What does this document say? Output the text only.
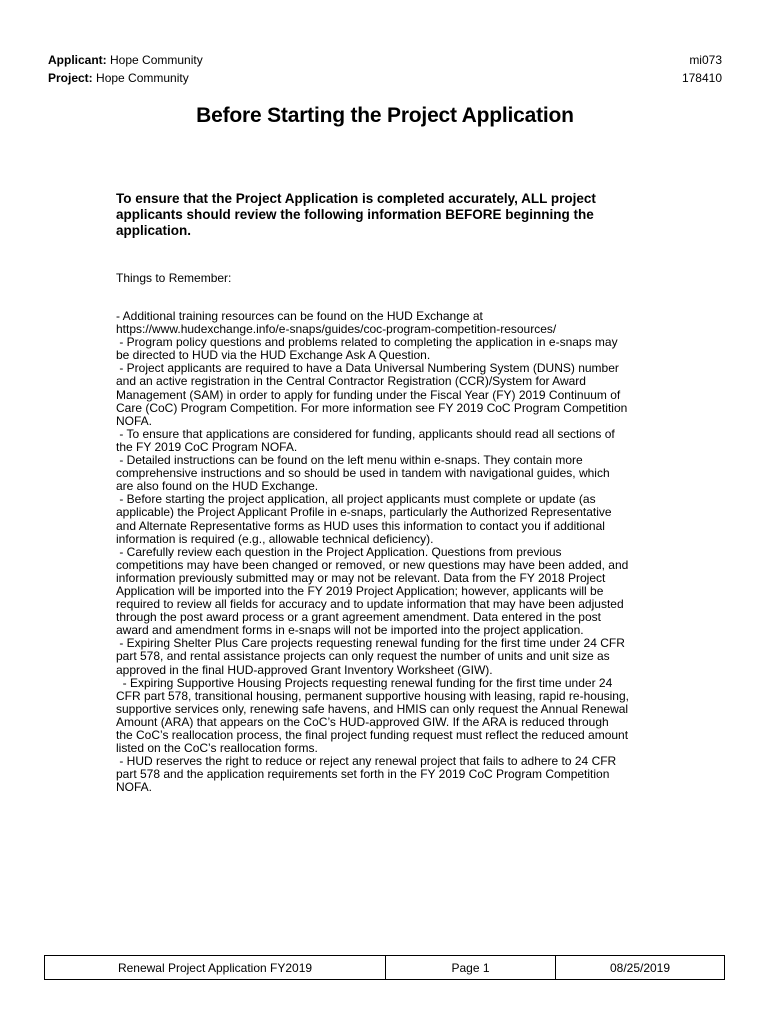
Applicant: Hope Community
Project: Hope Community
mi073
178410
Before Starting the Project Application
To ensure that the Project Application is completed accurately, ALL project applicants should review the following information BEFORE beginning the application.
Things to Remember:
- Additional training resources can be found on the HUD Exchange at
https://www.hudexchange.info/e-snaps/guides/coc-program-competition-resources/
- Program policy questions and problems related to completing the application in e-snaps may
be directed to HUD via the HUD Exchange Ask A Question.
- Project applicants are required to have a Data Universal Numbering System (DUNS) number
and an active registration in the Central Contractor Registration (CCR)/System for Award
Management (SAM) in order to apply for funding under the Fiscal Year (FY) 2019 Continuum of
Care (CoC) Program Competition. For more information see FY 2019 CoC Program Competition
NOFA.
- To ensure that applications are considered for funding, applicants should read all sections of
the FY 2019 CoC Program NOFA.
- Detailed instructions can be found on the left menu within e-snaps. They contain more
comprehensive instructions and so should be used in tandem with navigational guides, which
are also found on the HUD Exchange.
- Before starting the project application, all project applicants must complete or update (as
applicable) the Project Applicant Profile in e-snaps, particularly the Authorized Representative
and Alternate Representative forms as HUD uses this information to contact you if additional
information is required (e.g., allowable technical deficiency).
- Carefully review each question in the Project Application. Questions from previous
competitions may have been changed or removed, or new questions may have been added, and
information previously submitted may or may not be relevant. Data from the FY 2018 Project
Application will be imported into the FY 2019 Project Application; however, applicants will be
required to review all fields for accuracy and to update information that may have been adjusted
through the post award process or a grant agreement amendment. Data entered in the post
award and amendment forms in e-snaps will not be imported into the project application.
- Expiring Shelter Plus Care projects requesting renewal funding for the first time under 24 CFR
part 578, and rental assistance projects can only request the number of units and unit size as
approved in the final HUD-approved Grant Inventory Worksheet (GIW).
- Expiring Supportive Housing Projects requesting renewal funding for the first time under 24
CFR part 578, transitional housing, permanent supportive housing with leasing, rapid re-housing,
supportive services only, renewing safe havens, and HMIS can only request the Annual Renewal
Amount (ARA) that appears on the CoC’s HUD-approved GIW. If the ARA is reduced through
the CoC’s reallocation process, the final project funding request must reflect the reduced amount
listed on the CoC’s reallocation forms.
- HUD reserves the right to reduce or reject any renewal project that fails to adhere to 24 CFR
part 578 and the application requirements set forth in the FY 2019 CoC Program Competition
NOFA.
Renewal Project Application FY2019	Page 1	08/25/2019
